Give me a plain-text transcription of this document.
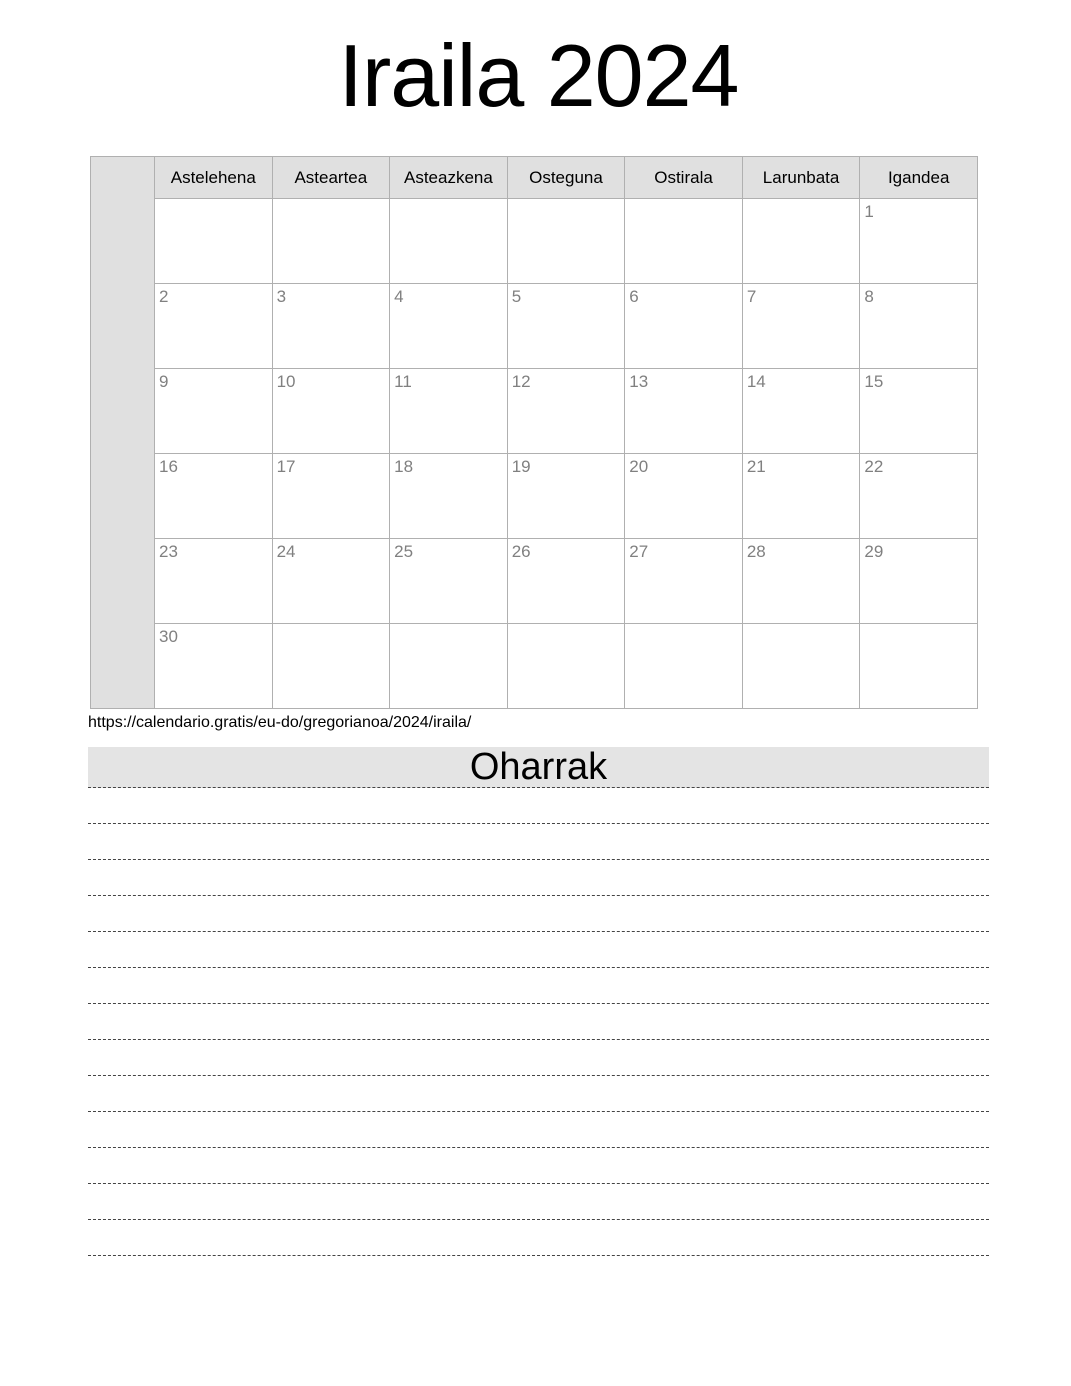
Iraila 2024
	Astelehena	Asteartea	Asteazkena	Osteguna	Ostirala	Larunbata	Igandea
							1
	2	3	4	5	6	7	8
	9	10	11	12	13	14	15
	16	17	18	19	20	21	22
	23	24	25	26	27	28	29
	30						
https://calendario.gratis/eu-do/gregorianoa/2024/iraila/
Oharrak
